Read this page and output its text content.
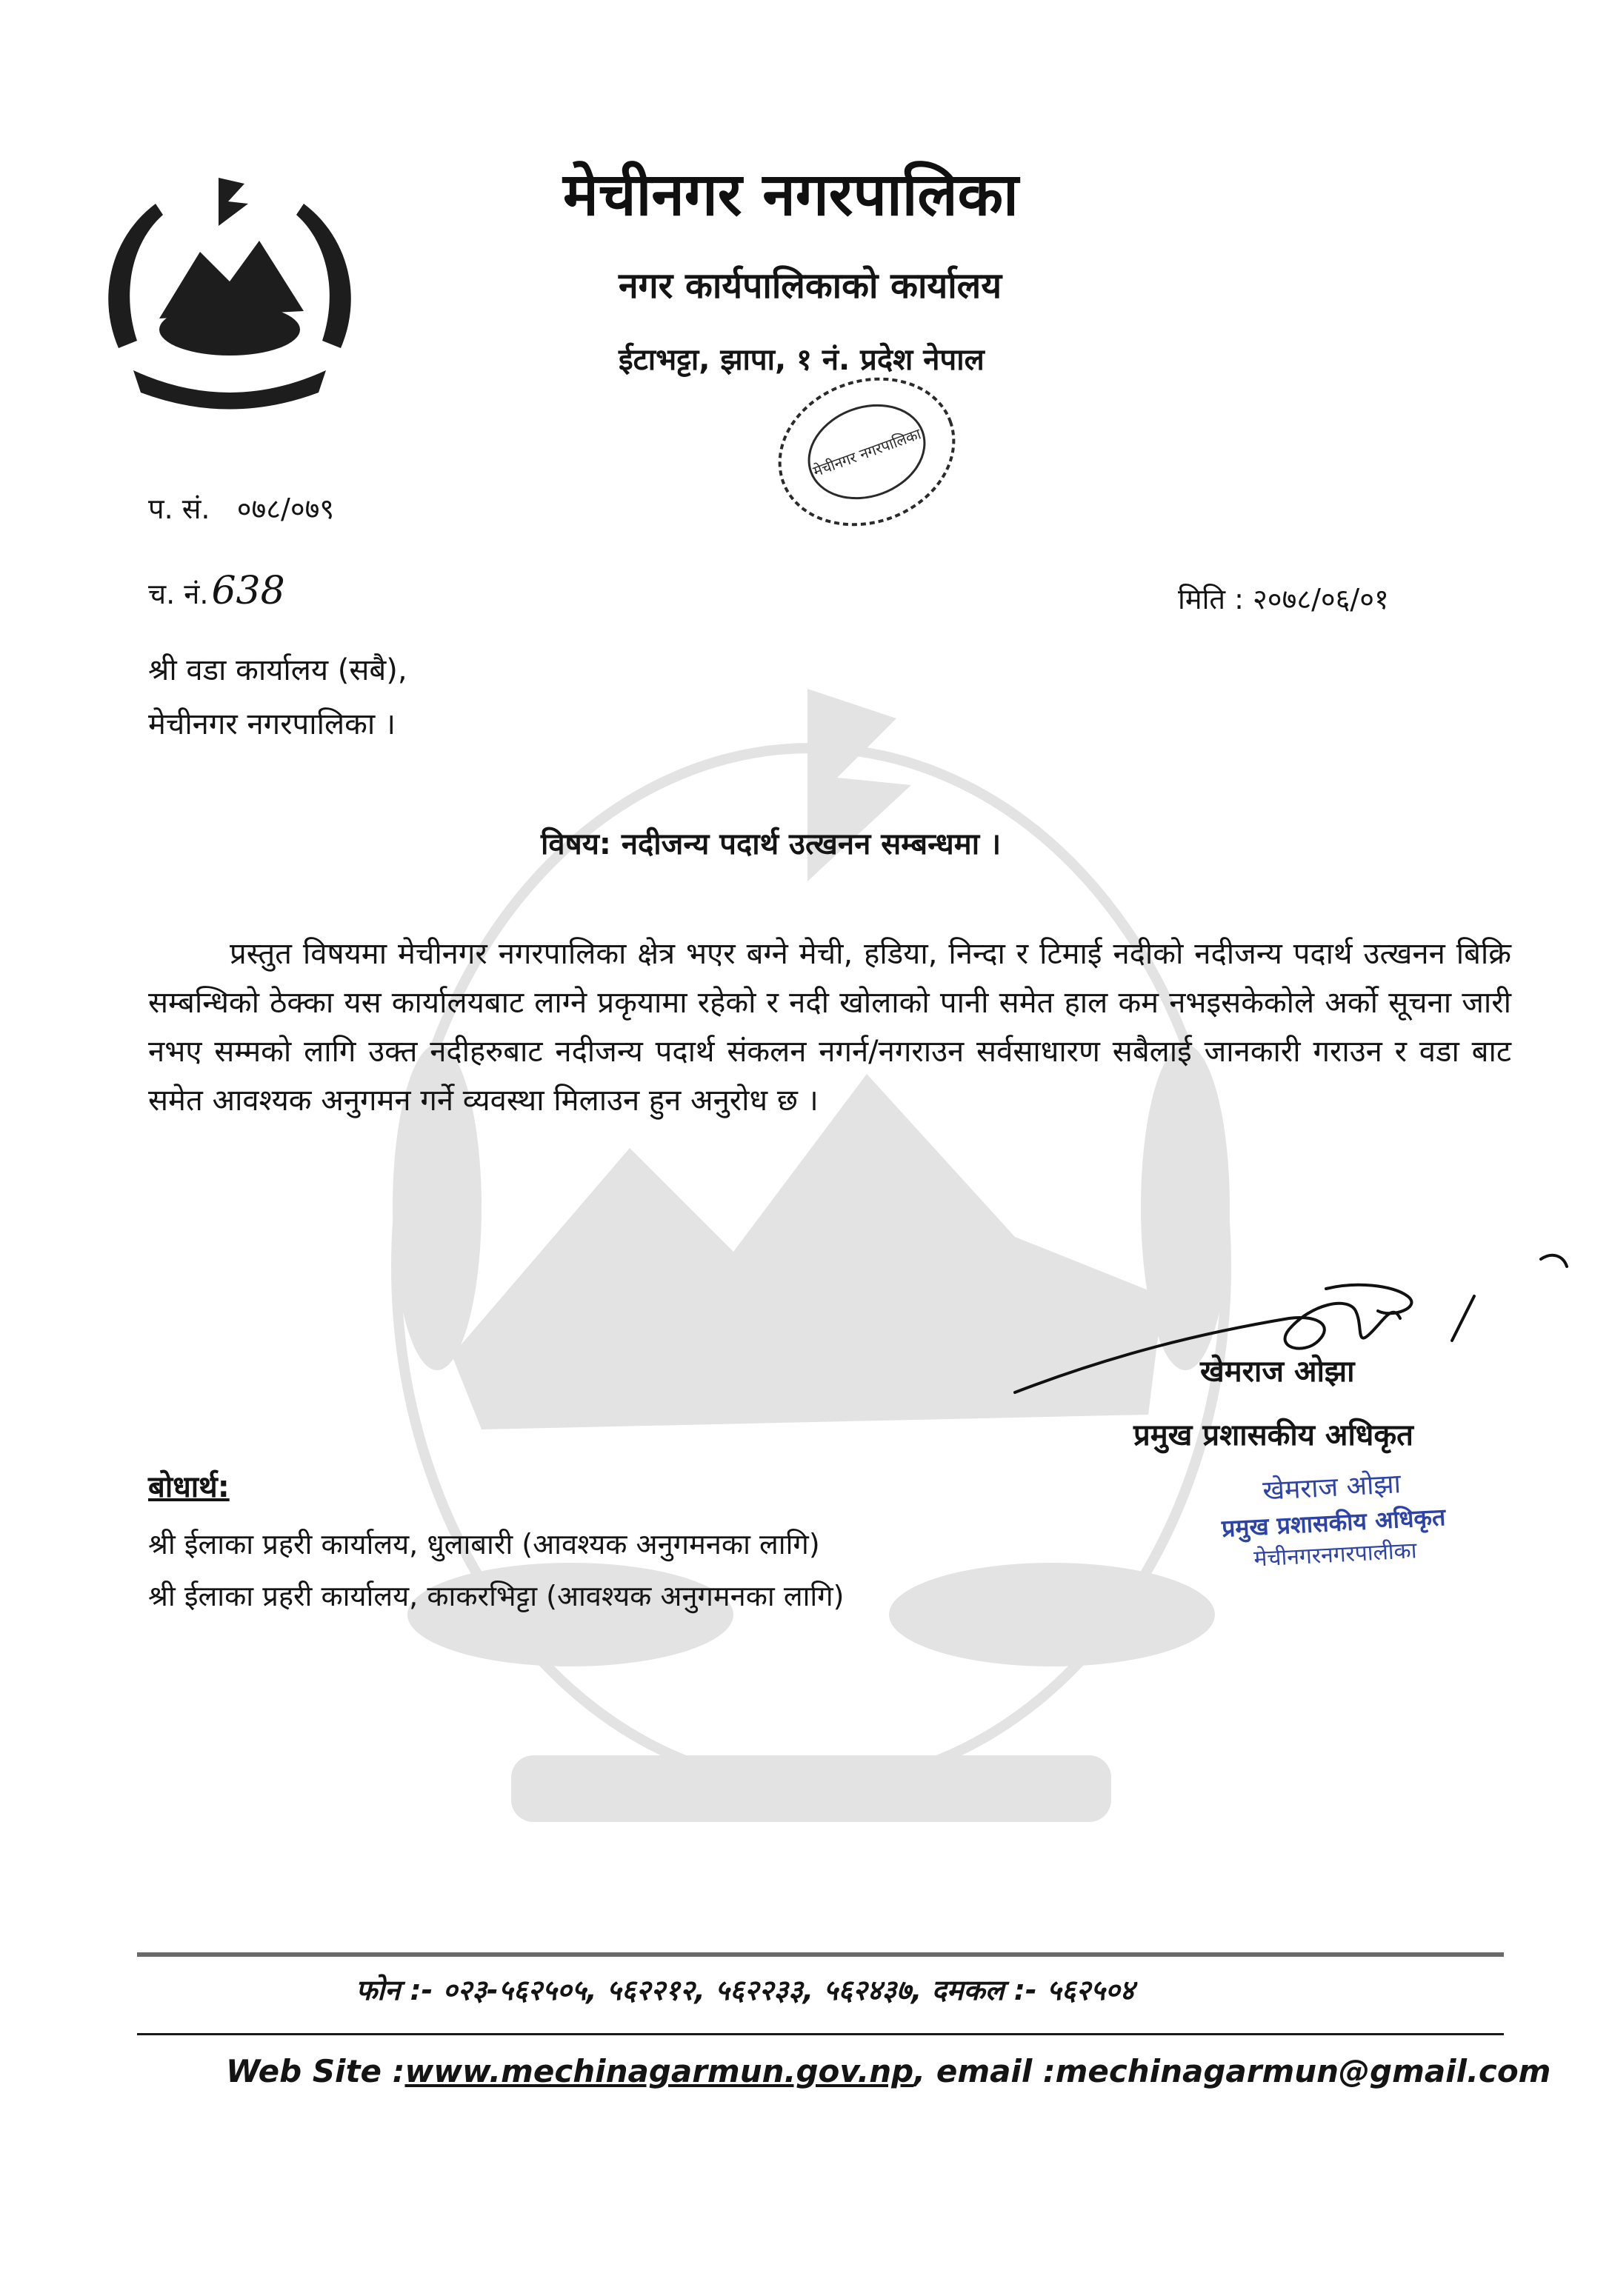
नेपाल सरकार
मेचीनगर नगरपालिका
नगर कार्यपालिकाको कार्यालय
ईटाभट्टा, झापा, १ नं. प्रदेश नेपाल
मेचीनगर नगरपालिका
प. सं. ०७८/०७९
च. नं.638	मिति : २०७८/०६/०१
श्री वडा कार्यालय (सबै),
मेचीनगर नगरपालिका ।
विषय: नदीजन्य पदार्थ उत्खनन सम्बन्धमा ।
प्रस्तुत विषयमा मेचीनगर नगरपालिका क्षेत्र भएर बग्ने मेची, हडिया, निन्दा र टिमाई नदीको नदीजन्य पदार्थ उत्खनन बिक्रि सम्बन्धिको ठेक्का यस कार्यालयबाट लाग्ने प्रकृयामा रहेको र नदी खोलाको पानी समेत हाल कम नभइसकेकोले अर्को सूचना जारी नभए सम्मको लागि उक्त नदीहरुबाट नदीजन्य पदार्थ संकलन नगर्न/नगराउन सर्वसाधारण सबैलाई जानकारी गराउन र वडा बाट समेत आवश्यक अनुगमन गर्ने व्यवस्था मिलाउन हुन अनुरोध छ ।
खेमराज ओझा
प्रमुख प्रशासकीय अधिकृत
खेमराज ओझा
प्रमुख प्रशासकीय अधिकृत
मेचीनगरनगरपालीका
बोधार्थ:
श्री ईलाका प्रहरी कार्यालय, धुलाबारी (आवश्यक अनुगमनका लागि)
श्री ईलाका प्रहरी कार्यालय, काकरभिट्टा (आवश्यक अनुगमनका लागि)
फोन :- ०२३-५६२५०५, ५६२२१२, ५६२२३३, ५६२४३७, दमकल :- ५६२५०४
Web Site :www.mechinagarmun.gov.np, email :mechinagarmun@gmail.com
